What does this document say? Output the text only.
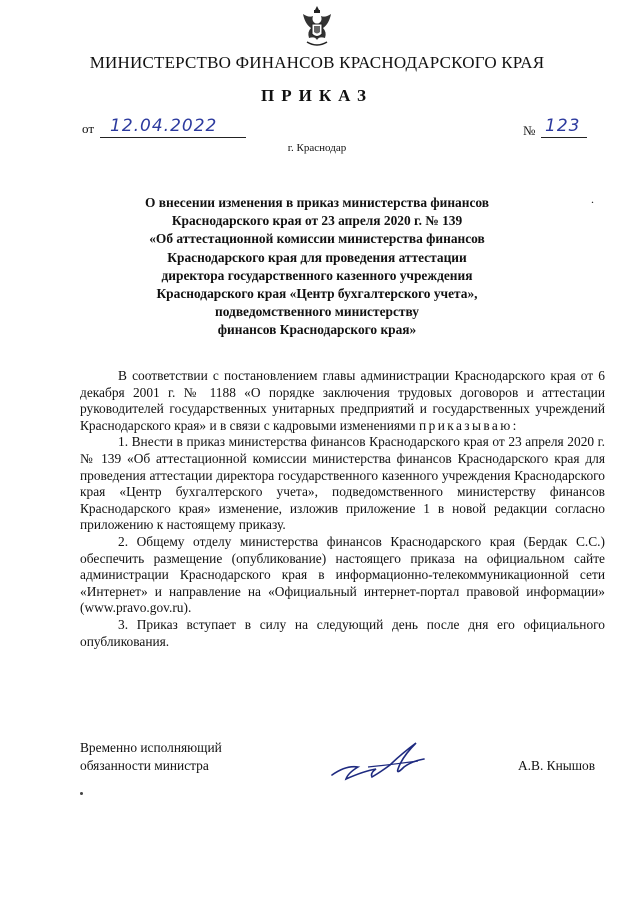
МИНИСТЕРСТВО ФИНАНСОВ КРАСНОДАРСКОГО КРАЯ
ПРИКАЗ
от 12.04.2022	№ 123
г. Краснодар
О внесении изменения в приказ министерства финансов
Краснодарского края от 23 апреля 2020 г. № 139
«Об аттестационной комиссии министерства финансов
Краснодарского края для проведения аттестации
директора государственного казенного учреждения
Краснодарского края «Центр бухгалтерского учета»,
подведомственного министерству
финансов Краснодарского края»
.

В соответствии с постановлением главы администрации Краснодарского края от 6 декабря 2001 г. № 1188 «О порядке заключения трудовых договоров и аттестации руководителей государственных унитарных предприятий и государственных учреждений Краснодарского края» и в связи с кадровыми изменениями приказываю:

1. Внести в приказ министерства финансов Краснодарского края от 23 апреля 2020 г. № 139 «Об аттестационной комиссии министерства финансов Краснодарского края для проведения аттестации директора государственного казенного учреждения Краснодарского края «Центр бухгалтерского учета», подведомственного министерству финансов Краснодарского края» изменение, изложив приложение 1 в новой редакции согласно приложению к настоящему приказу.

2. Общему отделу министерства финансов Краснодарского края (Бердак С.С.) обеспечить размещение (опубликование) настоящего приказа на официальном сайте администрации Краснодарского края в информационно-телекоммуникационной сети «Интернет» и направление на «Официальный интернет-портал правовой информации» (www.pravo.gov.ru).

3. Приказ вступает в силу на следующий день после дня его официального опубликования.

Временно исполняющий
обязанности министра	А.В. Кнышов
